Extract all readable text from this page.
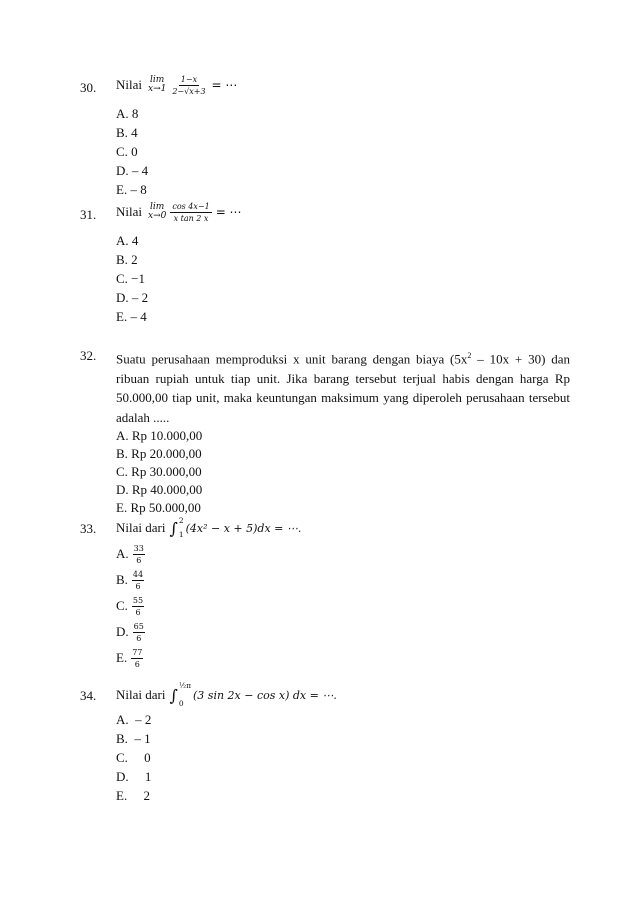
30. Nilai lim
$x\to 1 \frac{1-x}{2-√x+3}$ = ⋯
A. 8
B. 4
C. 0
D. – 4
E. – 8
31. Nilai lim
$x\to 0 \frac{\cos 4x-1}{\text{x tan 2 x}}$ = ⋯
A. 4
B. 2
C. −1
D. – 2
E. – 4
32. Suatu perusahaan memproduksi x unit barang dengan biaya $(5x^2 - 10x + 30)$ dan ribuan rupiah untuk tiap unit. Jika barang tersebut terjual habis dengan harga Rp 50.000,00 tiap unit, maka keuntungan maksimum yang diperoleh perusahaan tersebut adalah .....
A. Rp 10.000,00
B. Rp 20.000,00
C. Rp 30.000,00
D. Rp 40.000,00
E. Rp 50.000,00
33. Nilai dari ∫ 2
1 (4x² − x + 5)dx = ⋯.
A. $\frac{33}{6}$
B. $\frac{44}{6}$
C. $\frac{55}{6}$
D. $\frac{65}{6}$
E. $\frac{77}{6}$
34. Nilai dari ∫ ½π
0
(3 sin 2x − cos x) dx = ⋯.
A.  – 2
B.  – 1
C.     0
D.     1
E.     2
